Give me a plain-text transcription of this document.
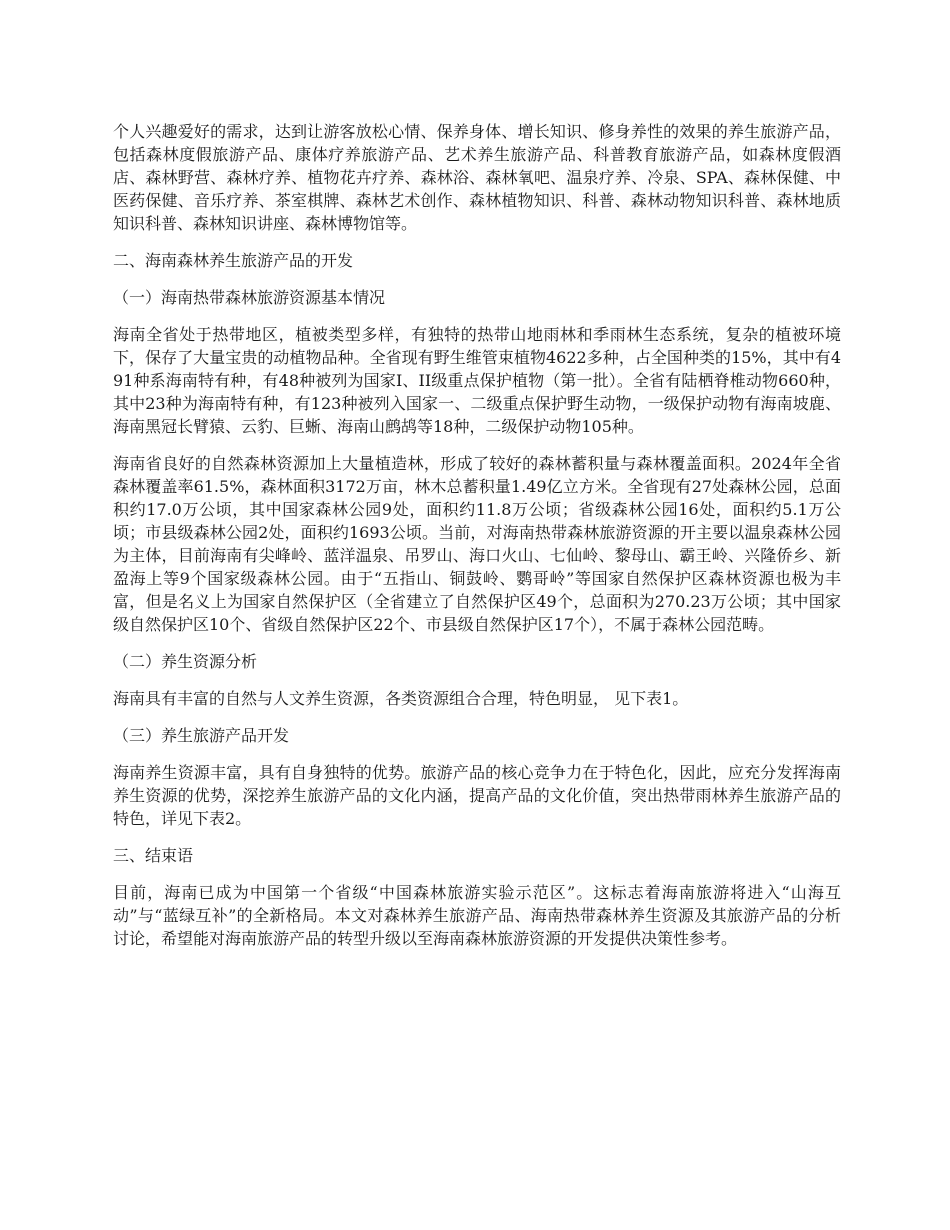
个人兴趣爱好的需求，达到让游客放松心情、保养身体、增长知识、修身养性的效果的养生旅游产品，包括森林度假旅游产品、康体疗养旅游产品、艺术养生旅游产品、科普教育旅游产品，如森林度假酒店、森林野营、森林疗养、植物花卉疗养、森林浴、森林氧吧、温泉疗养、冷泉、SPA、森林保健、中医药保健、音乐疗养、茶室棋牌、森林艺术创作、森林植物知识、科普、森林动物知识科普、森林地质知识科普、森林知识讲座、森林博物馆等。

二、海南森林养生旅游产品的开发

（一）海南热带森林旅游资源基本情况

海南全省处于热带地区，植被类型多样，有独特的热带山地雨林和季雨林生态系统，复杂的植被环境下，保存了大量宝贵的动植物品种。全省现有野生维管束植物4622多种，占全国种类的15%，其中有491种系海南特有种，有48种被列为国家I、II级重点保护植物（第一批）。全省有陆栖脊椎动物660种，其中23种为海南特有种，有123种被列入国家一、二级重点保护野生动物，一级保护动物有海南坡鹿、海南黑冠长臂猿、云豹、巨蜥、海南山鹧鸪等18种，二级保护动物105种。

海南省良好的自然森林资源加上大量植造林，形成了较好的森林蓄积量与森林覆盖面积。2024年全省森林覆盖率61.5%，森林面积3172万亩，林木总蓄积量1.49亿立方米。全省现有27处森林公园，总面积约17.0万公顷，其中国家森林公园9处，面积约11.8万公顷；省级森林公园16处，面积约5.1万公顷；市县级森林公园2处，面积约1693公顷。当前，对海南热带森林旅游资源的开主要以温泉森林公园为主体，目前海南有尖峰岭、蓝洋温泉、吊罗山、海口火山、七仙岭、黎母山、霸王岭、兴隆侨乡、新盈海上等9个国家级森林公园。由于“五指山、铜鼓岭、鹦哥岭”等国家自然保护区森林资源也极为丰富，但是名义上为国家自然保护区（全省建立了自然保护区49个，总面积为270.23万公顷；其中国家级自然保护区10个、省级自然保护区22个、市县级自然保护区17个），不属于森林公园范畴。

（二）养生资源分析

海南具有丰富的自然与人文养生资源，各类资源组合合理，特色明显， 见下表1。

（三）养生旅游产品开发

海南养生资源丰富，具有自身独特的优势。旅游产品的核心竞争力在于特色化，因此，应充分发挥海南养生资源的优势，深挖养生旅游产品的文化内涵，提高产品的文化价值，突出热带雨林养生旅游产品的特色，详见下表2。

三、结束语

目前，海南已成为中国第一个省级“中国森林旅游实验示范区”。这标志着海南旅游将进入“山海互动”与“蓝绿互补”的全新格局。本文对森林养生旅游产品、海南热带森林养生资源及其旅游产品的分析讨论，希望能对海南旅游产品的转型升级以至海南森林旅游资源的开发提供决策性参考。
